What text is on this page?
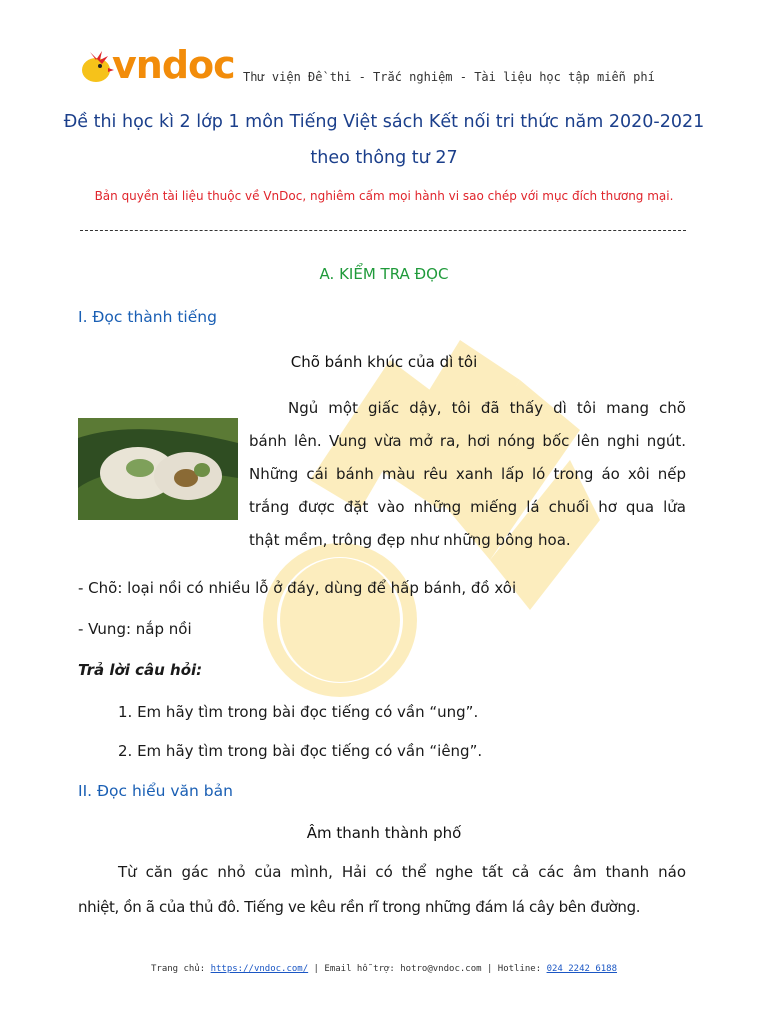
vndoc Thư viện Đề thi - Trắc nghiệm - Tài liệu học tập miễn phí
Đề thi học kì 2 lớp 1 môn Tiếng Việt sách Kết nối tri thức năm 2020-2021
theo thông tư 27
Bản quyền tài liệu thuộc về VnDoc, nghiêm cấm mọi hành vi sao chép với mục đích thương mại.
A. KIỂM TRA ĐỌC
I. Đọc thành tiếng
Chõ bánh khúc của dì tôi
Ngủ một giấc dậy, tôi đã thấy dì tôi mang chõ
bánh lên. Vung vừa mở ra, hơi nóng bốc lên nghi ngút.
Những cái bánh màu rêu xanh lấp ló trong áo xôi nếp
trắng được đặt vào những miếng lá chuối hơ qua lửa
thật mềm, trông đẹp như những bông hoa.
- Chõ: loại nồi có nhiều lỗ ở đáy, dùng để hấp bánh, đồ xôi
- Vung: nắp nồi
Trả lời câu hỏi:
1. Em hãy tìm trong bài đọc tiếng có vần “ung”.
2. Em hãy tìm trong bài đọc tiếng có vần “iêng”.
II. Đọc hiểu văn bản
Âm thanh thành phố
Từ căn gác nhỏ của mình, Hải có thể nghe tất cả các âm thanh náo
nhiệt, ồn ã của thủ đô. Tiếng ve kêu rền rĩ trong những đám lá cây bên đường.
Trang chủ: https://vndoc.com/ | Email hỗ trợ: hotro@vndoc.com | Hotline: 024 2242 6188
